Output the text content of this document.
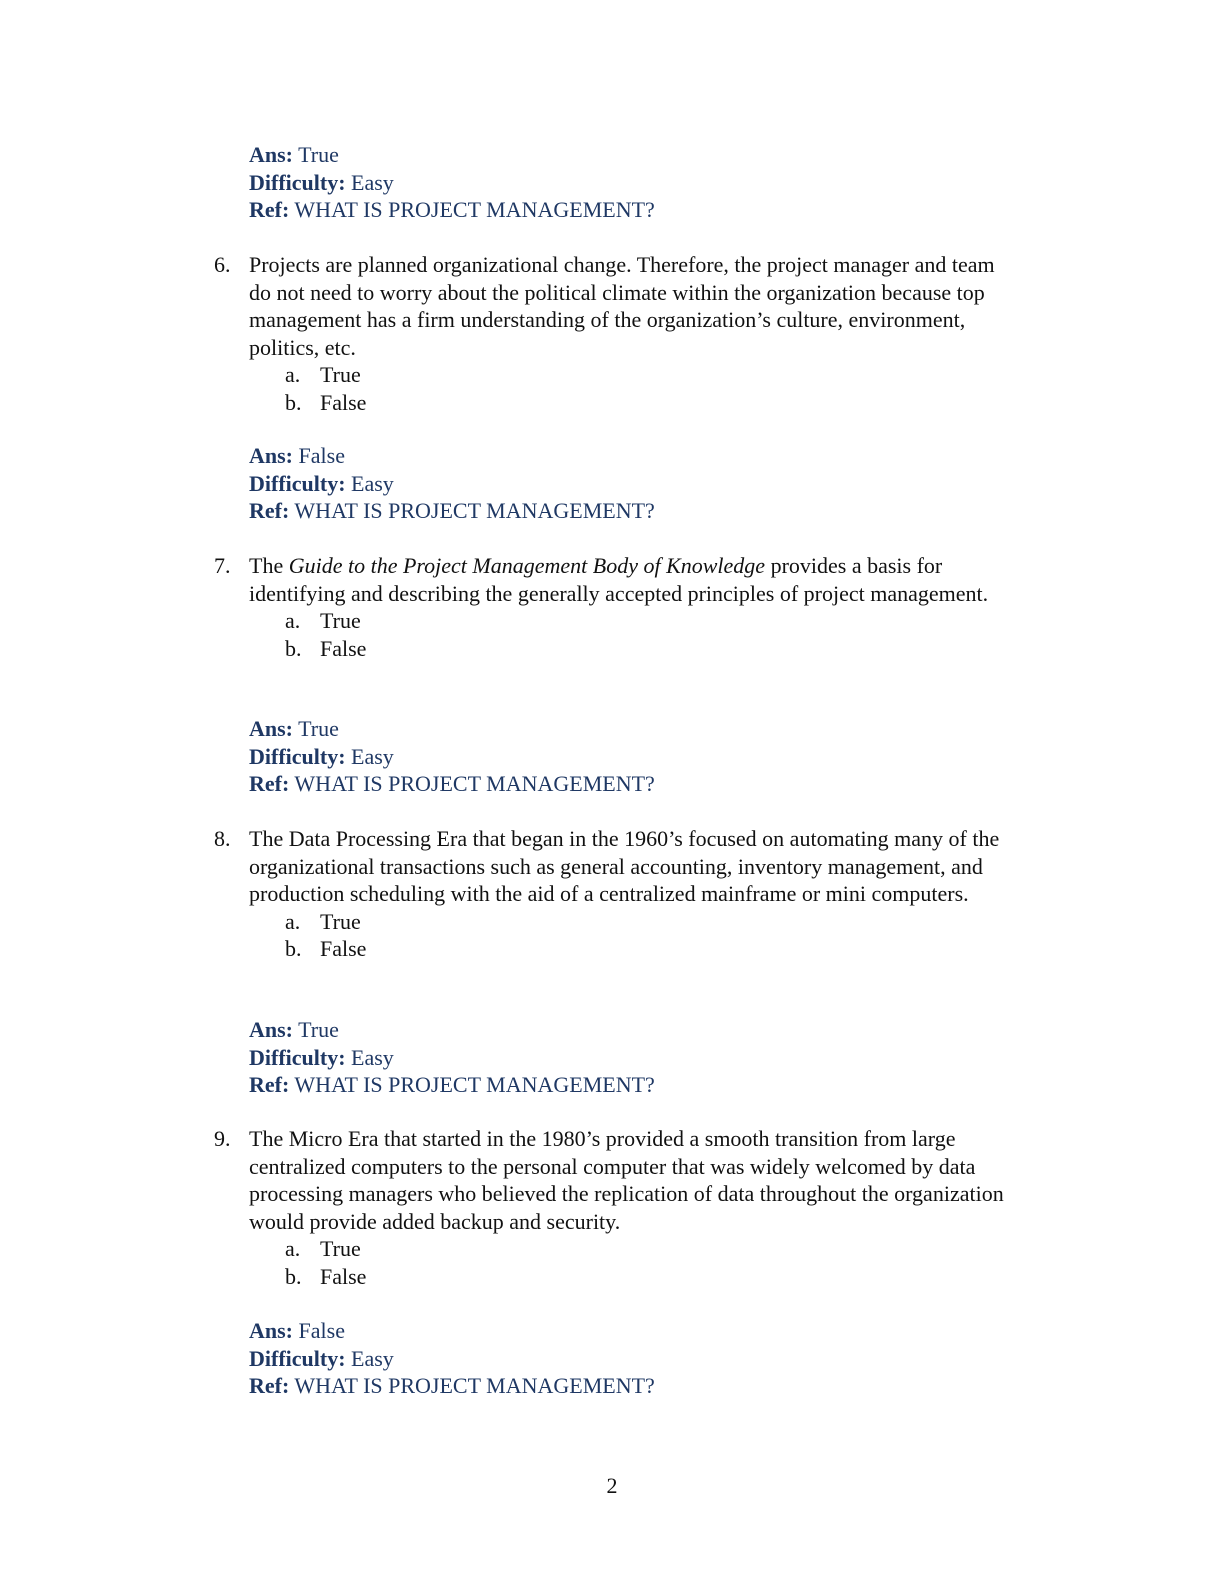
Ans: True
Difficulty: Easy
Ref: WHAT IS PROJECT MANAGEMENT?
6. Projects are planned organizational change. Therefore, the project manager and team do not need to worry about the political climate within the organization because top management has a firm understanding of the organization’s culture, environment, politics, etc.
a. True
b. False
Ans: False
Difficulty: Easy
Ref: WHAT IS PROJECT MANAGEMENT?
7. The Guide to the Project Management Body of Knowledge provides a basis for identifying and describing the generally accepted principles of project management.
a. True
b. False
Ans: True
Difficulty: Easy
Ref: WHAT IS PROJECT MANAGEMENT?
8. The Data Processing Era that began in the 1960’s focused on automating many of the organizational transactions such as general accounting, inventory management, and production scheduling with the aid of a centralized mainframe or mini computers.
a. True
b. False
Ans: True
Difficulty: Easy
Ref: WHAT IS PROJECT MANAGEMENT?
9. The Micro Era that started in the 1980’s provided a smooth transition from large centralized computers to the personal computer that was widely welcomed by data processing managers who believed the replication of data throughout the organization would provide added backup and security.
a. True
b. False
Ans: False
Difficulty: Easy
Ref: WHAT IS PROJECT MANAGEMENT?
2
